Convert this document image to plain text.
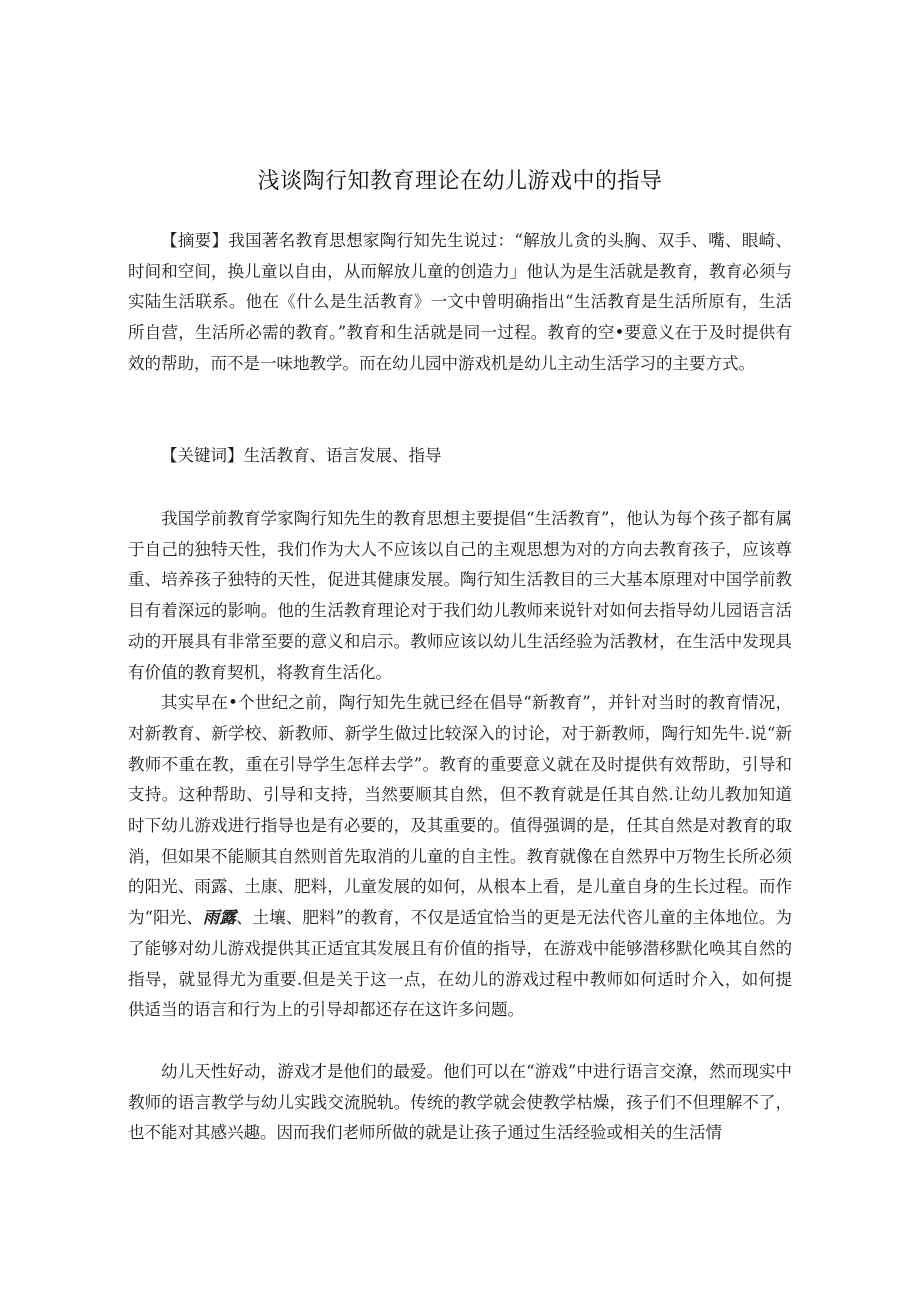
浅谈陶行知教育理论在幼儿游戏中的指导

【摘要】我国著名教育思想家陶行知先生说过：“解放儿贪的头胸、双手、嘴、眼崎、时间和空间，换儿童以自由，从而解放儿童的创造力」他认为是生活就是教育，教育必须与实陆生活联系。他在《什么是生活教育》一文中曾明确指出“生活教育是生活所原有，生活所自营，生活所必需的教育。”教育和生活就是同一过程。教育的空•要意义在于及时提供有效的帮助，而不是一味地教学。而在幼儿园中游戏机是幼儿主动生活学习的主要方式。

【关键词】生活教育、语言发展、指导

我国学前教育学家陶行知先生的教育思想主要提倡“生活教育”，他认为每个孩子都有属于自己的独特天性，我们作为大人不应该以自己的主观思想为对的方向去教育孩子，应该尊重、培养孩子独特的天性，促进其健康发展。陶行知生活教目的三大基本原理对中国学前教目有着深远的影响。他的生活教育理论对于我们幼儿教师来说针对如何去指导幼儿园语言活动的开展具有非常至要的意义和启示。教师应该以幼儿生活经验为活教材，在生活中发现具有价值的教育契机，将教育生活化。

其实早在•个世纪之前，陶行知先生就已经在倡导“新教育”，并针对当时的教育情况，对新教育、新学校、新教师、新学生做过比较深入的讨论，对于新教师，陶行知先牛.说“新教师不重在教，重在引导学生怎样去学”。教育的重要意义就在及时提供有效帮助，引导和支持。这种帮助、引导和支持，当然要顺其自然，但不教育就是任其自然.让幼儿教加知道时下幼儿游戏进行指导也是有必要的，及其重要的。值得强调的是，任其自然是对教育的取消，但如果不能顺其自然则首先取消的儿童的自主性。教育就像在自然界中万物生长所必须的阳光、雨露、土康、肥料，儿童发展的如何，从根本上看，是儿童自身的生长过程。而作为“阳光、雨露、土壤、肥料”的教育，不仅是适宜恰当的更是无法代咨儿童的主体地位。为了能够对幼儿游戏提供其正适宜其发展且有价值的指导，在游戏中能够潜移默化唤其自然的指导，就显得尤为重要.但是关于这一点，在幼儿的游戏过程中教师如何适时介入，如何提供适当的语言和行为上的引导却都还存在这许多问题。

幼儿天性好动，游戏才是他们的最爱。他们可以在“游戏”中进行语言交潦，然而现实中教师的语言教学与幼儿实践交流脱轨。传统的教学就会使教学枯燥，孩子们不但理解不了，也不能对其感兴趣。因而我们老师所做的就是让孩子通过生活经验或相关的生活情
